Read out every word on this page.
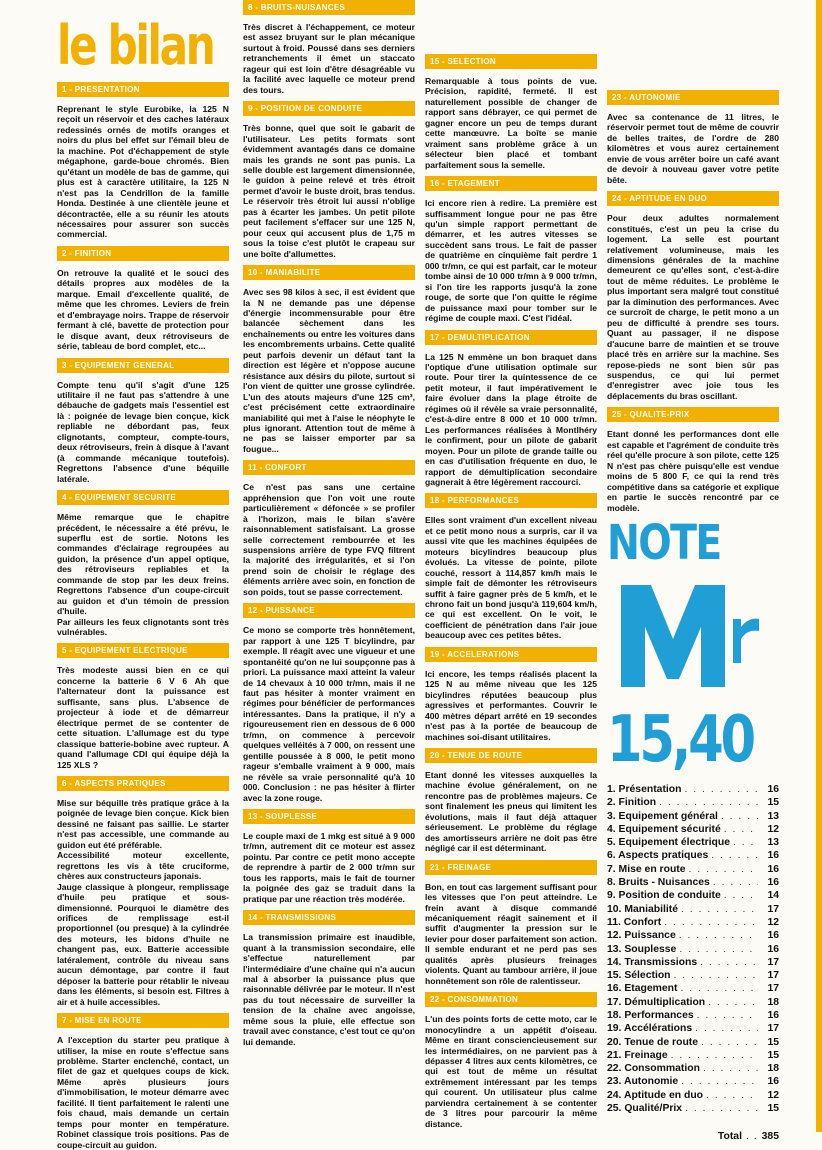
le bilan
1 - PRESENTATION

Reprenant le style Eurobike, la 125 N reçoit un réservoir et des caches latéraux redessinés ornés de motifs oranges et noirs du plus bel effet sur l'émail bleu de la machine. Pot d'échappement de style mégaphone, garde-boue chromés. Bien qu'étant un modèle de bas de gamme, qui plus est à caractère utilitaire, la 125 N n'est pas la Cendrillon de la famille Honda. Destinée à une clientèle jeune et décontractée, elle a su réunir les atouts nécessaires pour assurer son succès commercial.

2 - FINITION

On retrouve la qualité et le souci des détails propres aux modèles de la marque. Email d'excellente qualité, de même que les chromes. Leviers de frein et d'embrayage noirs. Trappe de réservoir fermant à clé, bavette de protection pour le disque avant, deux rétroviseurs de série, tableau de bord complet, etc...

3 - EQUIPEMENT GENERAL

Compte tenu qu'il s'agit d'une 125 utilitaire il ne faut pas s'attendre à une débauche de gadgets mais l'essentiel est là : poignée de levage bien conçue, kick repliable ne débordant pas, feux clignotants, compteur, compte-tours, deux rétroviseurs, frein à disque à l'avant (à commande mécanique toutefois). Regrettons l'absence d'une béquille latérale.

4 - EQUIPEMENT SECURITE

Même remarque que le chapitre précédent, le nécessaire a été prévu, le superflu est de sortie. Notons les commandes d'éclairage regroupées au guidon, la présence d'un appel optique, des rétroviseurs repliables et la commande de stop par les deux freins. Regrettons l'absence d'un coupe-circuit au guidon et d'un témoin de pression d'huile.
Par ailleurs les feux clignotants sont très vulnérables.

5 - EQUIPEMENT ELECTRIQUE

Très modeste aussi bien en ce qui concerne la batterie 6 V 6 Ah que l'alternateur dont la puissance est suffisante, sans plus. L'absence de projecteur à iode et de démarreur électrique permet de se contenter de cette situation. L'allumage est du type classique batterie-bobine avec rupteur. A quand l'allumage CDI qui équipe déjà la 125 XLS ?

6 - ASPECTS PRATIQUES

Mise sur béquille très pratique grâce à la poignée de levage bien conçue. Kick bien dessiné ne faisant pas saillie. Le starter n'est pas accessible, une commande au guidon eut été préférable.
Accessibilité moteur excellente, regrettons les vis à tête cruciforme, chères aux constructeurs japonais.
Jauge classique à plongeur, remplissage d'huile peu pratique et sous-dimensionné. Pourquoi le diamètre des orifices de remplissage est-il proportionnel (ou presque) à la cylindrée des moteurs, les bidons d'huile ne changent pas, eux. Batterie accessible latéralement, contrôle du niveau sans aucun démontage, par contre il faut déposer la batterie pour rétablir le niveau dans les éléments, si besoin est. Filtres à air et à huile accessibles.

7 - MISE EN ROUTE

A l'exception du starter peu pratique à utiliser, la mise en route s'effectue sans problème. Starter enclenché, contact, un filet de gaz et quelques coups de kick. Même après plusieurs jours d'immobilisation, le moteur démarre avec facilité. Il tient parfaitement le ralenti une fois chaud, mais demande un certain temps pour monter en température. Robinet classique trois positions. Pas de coupe-circuit au guidon.

8 - BRUITS-NUISANCES

Très discret à l'échappement, ce moteur est assez bruyant sur le plan mécanique surtout à froid. Poussé dans ses derniers retranchements il émet un staccato rageur qui est loin d'être désagréable vu la facilité avec laquelle ce moteur prend des tours.

9 - POSITION DE CONDUITE

Très bonne, quel que soit le gabarit de l'utilisateur. Les petits formats sont évidemment avantagés dans ce domaine mais les grands ne sont pas punis. La selle double est largement dimensionnée, le guidon à peine relevé et très étroit permet d'avoir le buste droit, bras tendus. Le réservoir très étroit lui aussi n'oblige pas à écarter les jambes. Un petit pilote peut facilement s'effacer sur une 125 N, pour ceux qui accusent plus de 1,75 m sous la toise c'est plutôt le crapeau sur une boîte d'allumettes.

10 - MANIABILITE

Avec ses 98 kilos à sec, il est évident que la N ne demande pas une dépense d'énergie incommensurable pour être balancée sèchement dans les enchaînements ou entre les voitures dans les encombrements urbains. Cette qualité peut parfois devenir un défaut tant la direction est légère et n'oppose aucune résistance aux désirs du pilote, surtout si l'on vient de quitter une grosse cylindrée. L'un des atouts majeurs d'une 125 cm³, c'est précisément cette extraordinaire maniabilité qui met à l'aise le néophyte le plus ignorant. Attention tout de même à ne pas se laisser emporter par sa fougue...

11 - CONFORT

Ce n'est pas sans une certaine appréhension que l'on voit une route particulièrement « défoncée » se profiler à l'horizon, mais le bilan s'avère raisonnablement satisfaisant. La grosse selle correctement rembourrée et les suspensions arrière de type FVQ filtrent la majorité des irrégularités, et si l'on prend soin de choisir le réglage des éléments arrière avec soin, en fonction de son poids, tout se passe correctement.

12 - PUISSANCE

Ce mono se comporte très honnêtement, par rapport à une 125 T bicylindre, par exemple. Il réagit avec une vigueur et une spontanéité qu'on ne lui soupçonne pas à priori. La puissance maxi atteint la valeur de 14 chevaux à 10 000 tr/mn, mais il ne faut pas hésiter à monter vraiment en régimes pour bénéficier de performances intéressantes. Dans la pratique, il n'y a rigoureusement rien en dessous de 6 000 tr/mn, on commence à percevoir quelques velléités à 7 000, on ressent une gentille poussée à 8 000, le petit mono rageur s'emballe vraiment à 9 000, mais ne révèle sa vraie personnalité qu'à 10 000. Conclusion : ne pas hésiter à flirter avec la zone rouge.

13 - SOUPLESSE

Le couple maxi de 1 mkg est situé à 9 000 tr/mn, autrement dit ce moteur est assez pointu. Par contre ce petit mono accepte de reprendre à partir de 2 000 tr/mn sur tous les rapports, mais le fait de tourner la poignée des gaz se traduit dans la pratique par une réaction très modérée.

14 - TRANSMISSIONS

La transmission primaire est inaudible, quant à la transmission secondaire, elle s'effectue naturellement par l'intermédiaire d'une chaîne qui n'a aucun mal à absorber la puissance plus que raisonnable délivrée par le moteur. Il n'est pas du tout nécessaire de surveiller la tension de la chaîne avec angoisse, même sous la pluie, elle effectue son travail avec constance, c'est tout ce qu'on lui demande.

15 - SELECTION

Remarquable à tous points de vue. Précision, rapidité, fermeté. Il est naturellement possible de changer de rapport sans débrayer, ce qui permet de gagner encore un peu de temps durant cette manœuvre. La boîte se manie vraiment sans problème grâce à un sélecteur bien placé et tombant parfaitement sous la semelle.

16 - ETAGEMENT

Ici encore rien à redire. La première est suffisamment longue pour ne pas être qu'un simple rapport permettant de démarrer, et les autres vitesses se succèdent sans trous. Le fait de passer de quatrième en cinquième fait perdre 1 000 tr/mn, ce qui est parfait, car le moteur tombe ainsi de 10 000 tr/mn à 9 000 tr/mn, si l'on tire les rapports jusqu'à la zone rouge, de sorte que l'on quitte le régime de puissance maxi pour tomber sur le régime de couple maxi. C'est l'idéal.

17 - DEMULTIPLICATION

La 125 N emmène un bon braquet dans l'optique d'une utilisation optimale sur route. Pour tirer la quintessence de ce petit moteur, il faut impérativement le faire évoluer dans la plage étroite de régimes où il révèle sa vraie personnalité, c'est-à-dire entre 8 000 et 10 000 tr/mn. Les performances réalisées à Montlhéry le confirment, pour un pilote de gabarit moyen. Pour un pilote de grande taille ou en cas d'utilisation fréquente en duo, le rapport de démultiplication secondaire gagnerait à être légèrement raccourci.

18 - PERFORMANCES

Elles sont vraiment d'un excellent niveau et ce petit mono nous a surpris, car il va aussi vite que les machines équipées de moteurs bicylindres beaucoup plus évolués. La vitesse de pointe, pilote couché, ressort à 114,857 km/h mais le simple fait de démonter les rétroviseurs suffit à faire gagner près de 5 km/h, et le chrono fait un bond jusqu'à 119,604 km/h, ce qui est excellent. On le voit, le coefficient de pénétration dans l'air joue beaucoup avec ces petites bêtes.

19 - ACCELERATIONS

Ici encore, les temps réalisés placent la 125 N au même niveau que les 125 bicylindres réputées beaucoup plus agressives et performantes. Couvrir le 400 mètres départ arrêté en 19 secondes n'est pas à la portée de beaucoup de machines soi-disant utilitaires.

20 - TENUE DE ROUTE

Etant donné les vitesses auxquelles la machine évolue généralement, on ne rencontre pas de problèmes majeurs. Ce sont finalement les pneus qui limitent les évolutions, mais il faut déjà attaquer sérieusement. Le problème du réglage des amortisseurs arrière ne doit pas être négligé car il est déterminant.

21 - FREINAGE

Bon, en tout cas largement suffisant pour les vitesses que l'on peut atteindre. Le frein avant à disque commandé mécaniquement réagit sainement et il suffit d'augmenter la pression sur le levier pour doser parfaitement son action. Il semble endurant et ne perd pas ses qualités après plusieurs freinages violents. Quant au tambour arrière, il joue honnêtement son rôle de ralentisseur.

22 - CONSOMMATION

L'un des points forts de cette moto, car le monocylindre a un appétit d'oiseau. Même en tirant consciencieusement sur les intermédiaires, on ne parvient pas à dépasser 4 litres aux cents kilomètres, ce qui est tout de même un résultat extrêmement intéressant par les temps qui courent. Un utilisateur plus calme parviendra certainement à se contenter de 3 litres pour parcourir la même distance.

23 - AUTONOMIE

Avec sa contenance de 11 litres, le réservoir permet tout de même de couvrir de belles traites, de l'ordre de 280 kilomètres et vous aurez certainement envie de vous arrêter boire un café avant de devoir à nouveau gaver votre petite bête.

24 - APTITUDE EN DUO

Pour deux adultes normalement constitués, c'est un peu la crise du logement. La selle est pourtant relativement volumineuse, mais les dimensions générales de la machine demeurent ce qu'elles sont, c'est-à-dire tout de même réduites. Le problème le plus important sera malgré tout constitué par la diminution des performances. Avec ce surcroît de charge, le petit mono a un peu de difficulté à prendre ses tours. Quant au passager, il ne dispose d'aucune barre de maintien et se trouve placé très en arrière sur la machine. Ses repose-pieds ne sont bien sûr pas suspendus, ce qui lui permet d'enregistrer avec joie tous les déplacements du bras oscillant.

25 - QUALITE-PRIX

Etant donné les performances dont elle est capable et l'agrément de conduite très réel qu'elle procure à son pilote, cette 125 N n'est pas chère puisqu'elle est vendue moins de 5 800 F, ce qui la rend très compétitive dans sa catégorie et explique en partie le succès rencontré par ce modèle.

NOTE
15,40
1. Présentation . . .	16
2. Finition . . .	15
3. Equipement général . . .	13
4. Equipement sécurité . . .	12
5. Equipement électrique . . .	13
6. Aspects pratiques . . .	16
7. Mise en route . . .	16
8. Bruits - Nuisances . . .	16
9. Position de conduite . . .	14
10. Maniabilité . . .	17
11. Confort . . .	12
12. Puissance . . .	16
13. Souplesse . . .	16
14. Transmissions . . .	17
15. Sélection . . .	17
16. Etagement . . .	17
17. Démultiplication . . .	18
18. Performances . . .	16
19. Accélérations . . .	17
20. Tenue de route . . .	15
21. Freinage . . .	15
22. Consommation . . .	18
23. Autonomie . . .	16
24. Aptitude en duo . . .	12
25. Qualité/Prix . . .	15
Total . . 385
